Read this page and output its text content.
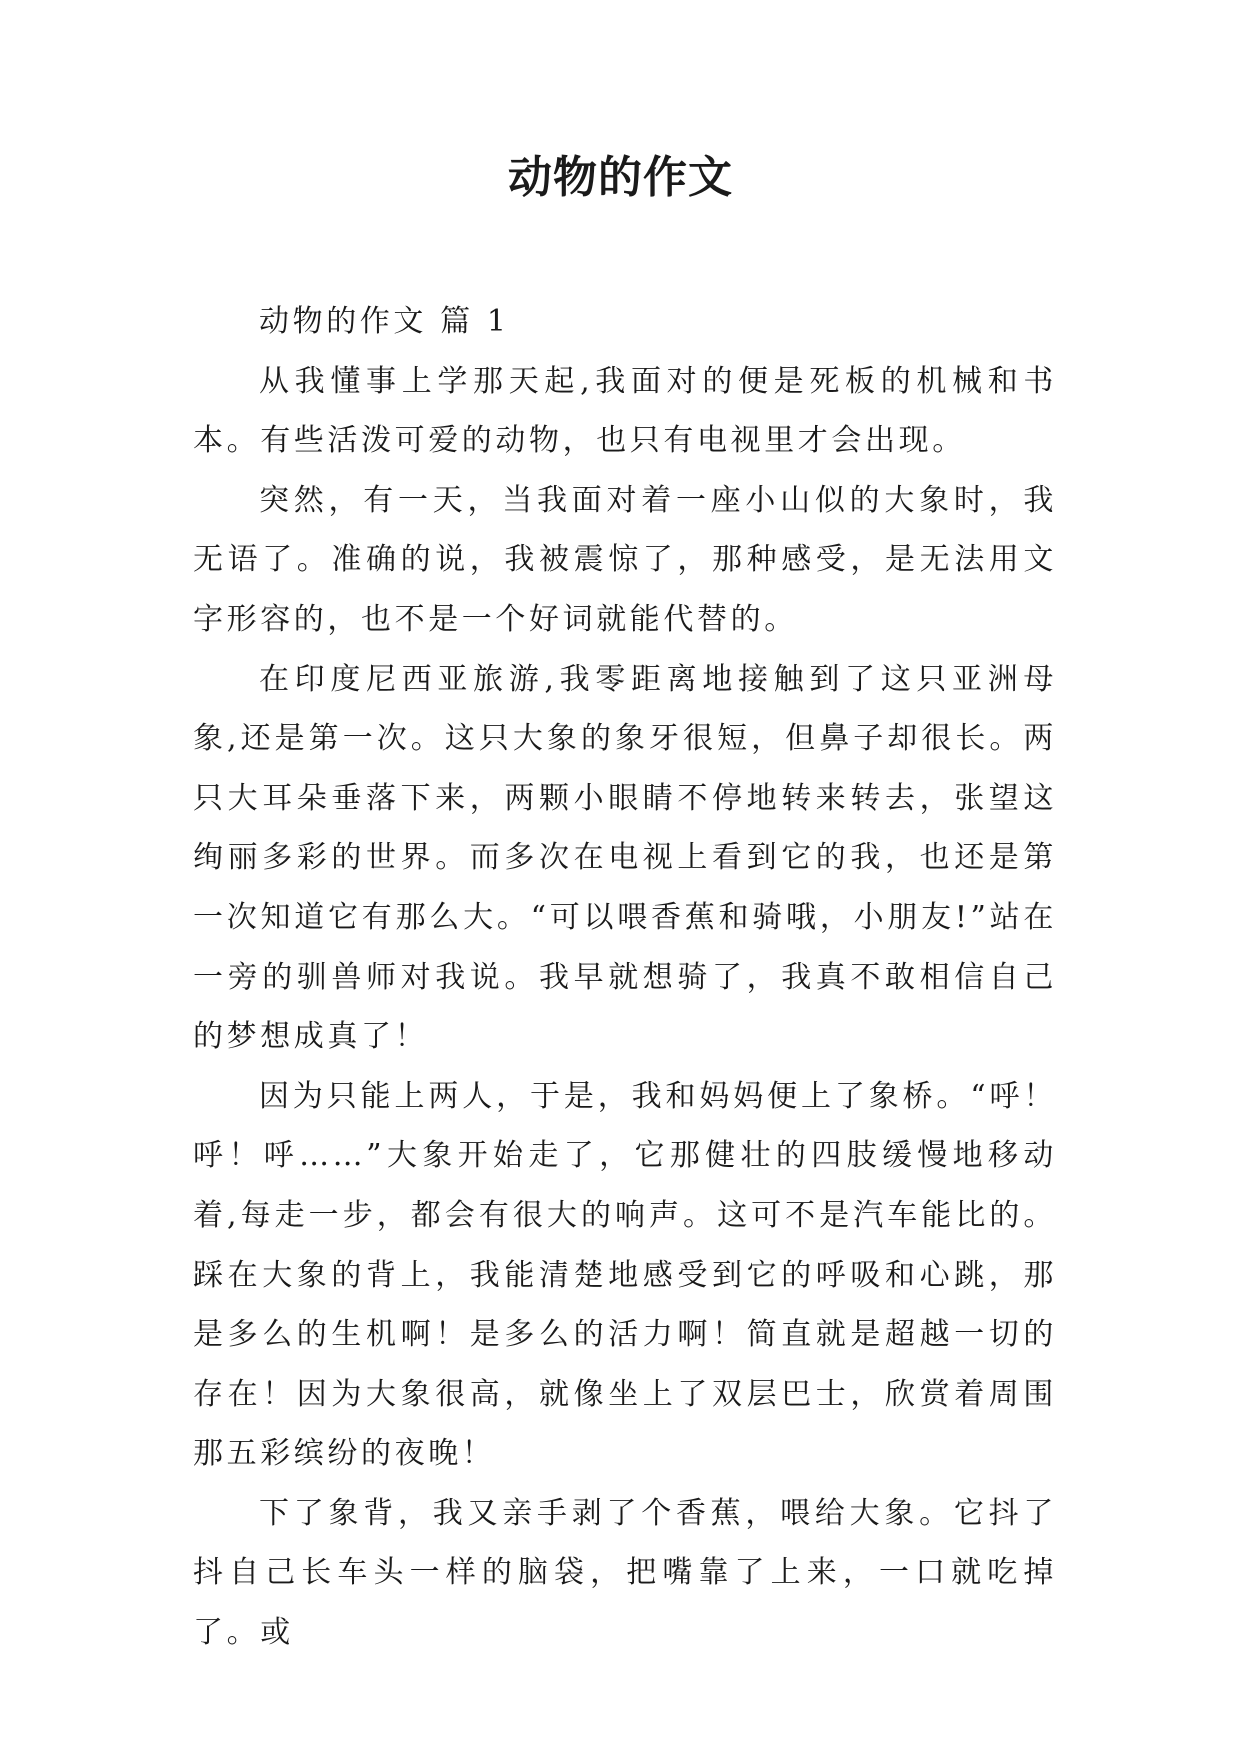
动物的作文

动物的作文 篇 1

从我懂事上学那天起,我面对的便是死板的机械和书本。有些活泼可爱的动物，也只有电视里才会出现。

突然，有一天，当我面对着一座小山似的大象时，我无语了。准确的说，我被震惊了，那种感受，是无法用文字形容的，也不是一个好词就能代替的。

在印度尼西亚旅游,我零距离地接触到了这只亚洲母象,还是第一次。这只大象的象牙很短，但鼻子却很长。两只大耳朵垂落下来，两颗小眼睛不停地转来转去，张望这绚丽多彩的世界。而多次在电视上看到它的我，也还是第一次知道它有那么大。“可以喂香蕉和骑哦，小朋友!”站在一旁的驯兽师对我说。我早就想骑了，我真不敢相信自己的梦想成真了！

因为只能上两人，于是，我和妈妈便上了象桥。“呼！呼！呼……”大象开始走了，它那健壮的四肢缓慢地移动着,每走一步，都会有很大的响声。这可不是汽车能比的。踩在大象的背上，我能清楚地感受到它的呼吸和心跳，那是多么的生机啊！是多么的活力啊！简直就是超越一切的存在！因为大象很高，就像坐上了双层巴士，欣赏着周围那五彩缤纷的夜晚！

下了象背，我又亲手剥了个香蕉，喂给大象。它抖了抖自己长车头一样的脑袋，把嘴靠了上来，一口就吃掉了。或
